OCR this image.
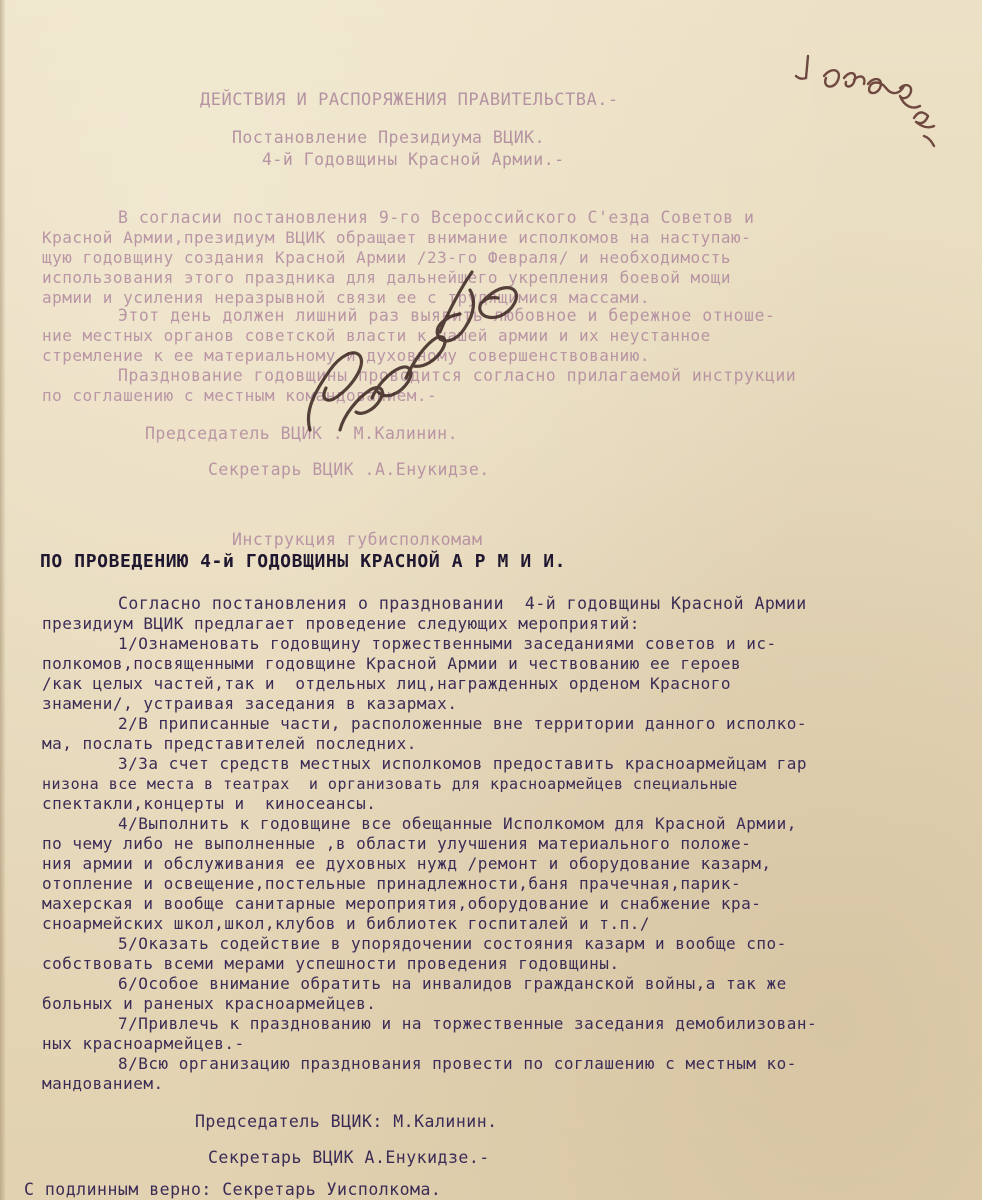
ДЕЙСТВИЯ И РАСПОРЯЖЕНИЯ ПРАВИТЕЛЬСТВА.-
Постановление Президиума ВЦИК.
4-й Годовщины Красной Армии.-
В согласии постановления 9-го Всероссийского С'езда Советов и
Красной Армии,президиум ВЦИК обращает внимание исполкомов на наступаю-
щую годовщину создания Красной Армии /23-го Февраля/ и необходимость
использования этого праздника для дальнейшего укрепления боевой мощи
армии и усиления неразрывной связи ее с трудящимися массами.
Этот день должен лишний раз выявить любовное и бережное отноше-
ние местных органов советской власти к нашей армии и их неустанное
стремление к ее материальному и духовному совершенствованию.
Празднование годовщины проводится согласно прилагаемой инструкции
по соглашению с местным командованием.-
Председатель ВЦИК . М.Калинин.
Секретарь ВЦИК .А.Енукидзе.
Инструкция губисполкомам
ПО ПРОВЕДЕНИЮ 4-й ГОДОВЩИНЫ КРАСНОЙ А Р М И И.
Согласно постановления о праздновании  4-й годовщины Красной Армии
президиум ВЦИК предлагает проведение следующих мероприятий:
1/Ознаменовать годовщину торжественными заседаниями советов и ис-
полкомов,посвященными годовщине Красной Армии и чествованию ее героев
/как целых частей,так и  отдельных лиц,награжденных орденом Красного
знамени/, устраивая заседания в казармах.
2/В приписанные части, расположенные вне территории данного исполко-
ма, послать представителей последних.
3/За счет средств местных исполкомов предоставить красноармейцам гар
низона все места в театрах  и организовать для красноармейцев специальные
спектакли,концерты и  киносеансы.
4/Выполнить к годовщине все обещанные Исполкомом для Красной Армии,
по чему либо не выполненные ,в области улучшения материального положе-
ния армии и обслуживания ее духовных нужд /ремонт и оборудование казарм,
отопление и освещение,постельные принадлежности,баня прачечная,парик-
махерская и вообще санитарные мероприятия,оборудование и снабжение кра-
сноармейских школ,школ,клубов и библиотек госпиталей и т.п./
5/Оказать содействие в упорядочении состояния казарм и вообще спо-
собствовать всеми мерами успешности проведения годовщины.
6/Особое внимание обратить на инвалидов гражданской войны,а так же
больных и раненых красноармейцев.
7/Привлечь к празднованию и на торжественные заседания демобилизован-
ных красноармейцев.-
8/Всю организацию празднования провести по соглашению с местным ко-
мандованием.
Председатель ВЦИК: М.Калинин.
Секретарь ВЦИК А.Енукидзе.-
С подлинным верно: Секретарь Уисполкома.
